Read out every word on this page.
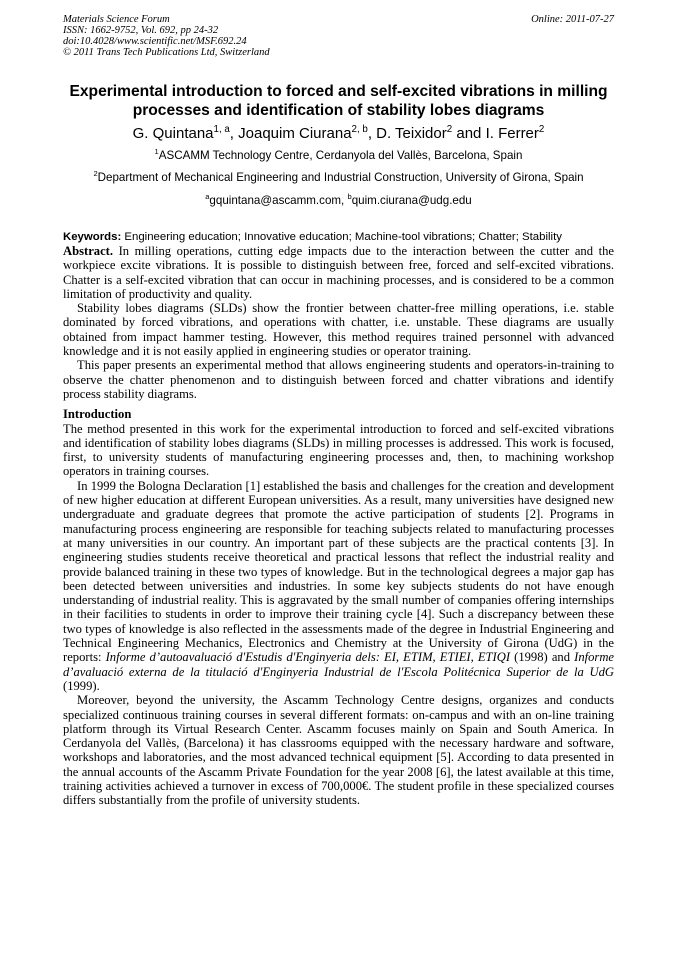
Materials Science Forum
ISSN: 1662-9752, Vol. 692, pp 24-32
doi:10.4028/www.scientific.net/MSF.692.24
© 2011 Trans Tech Publications Ltd, Switzerland
Online: 2011-07-27
Experimental introduction to forced and self-excited vibrations in milling processes and identification of stability lobes diagrams
G. Quintana$^{1, a}$, Joaquim Ciurana$^{2, b}$, D. Teixidor$^2$ and I. Ferrer$^2$
$^1$ASCAMM Technology Centre, Cerdanyola del Vallès, Barcelona, Spain
$^2$Department of Mechanical Engineering and Industrial Construction, University of Girona, Spain
$^a$gquintana@ascamm.com, $^b$quim.ciurana@udg.edu
Keywords: Engineering education; Innovative education; Machine-tool vibrations; Chatter; Stability

Abstract. In milling operations, cutting edge impacts due to the interaction between the cutter and the workpiece excite vibrations. It is possible to distinguish between free, forced and self-excited vibrations. Chatter is a self-excited vibration that can occur in machining processes, and is considered to be a common limitation of productivity and quality.

Stability lobes diagrams (SLDs) show the frontier between chatter-free milling operations, i.e. stable dominated by forced vibrations, and operations with chatter, i.e. unstable. These diagrams are usually obtained from impact hammer testing. However, this method requires trained personnel with advanced knowledge and it is not easily applied in engineering studies or operator training.

This paper presents an experimental method that allows engineering students and operators-in-training to observe the chatter phenomenon and to distinguish between forced and chatter vibrations and identify process stability diagrams.

Introduction

The method presented in this work for the experimental introduction to forced and self-excited vibrations and identification of stability lobes diagrams (SLDs) in milling processes is addressed. This work is focused, first, to university students of manufacturing engineering processes and, then, to machining workshop operators in training courses.

In 1999 the Bologna Declaration [1] established the basis and challenges for the creation and development of new higher education at different European universities. As a result, many universities have designed new undergraduate and graduate degrees that promote the active participation of students [2]. Programs in manufacturing process engineering are responsible for teaching subjects related to manufacturing processes at many universities in our country. An important part of these subjects are the practical contents [3]. In engineering studies students receive theoretical and practical lessons that reflect the industrial reality and provide balanced training in these two types of knowledge. But in the technological degrees a major gap has been detected between universities and industries. In some key subjects students do not have enough understanding of industrial reality. This is aggravated by the small number of companies offering internships in their facilities to students in order to improve their training cycle [4]. Such a discrepancy between these two types of knowledge is also reflected in the assessments made of the degree in Industrial Engineering and Technical Engineering Mechanics, Electronics and Chemistry at the University of Girona (UdG) in the reports: Informe d’autoavaluació d'Estudis d'Enginyeria dels: EI, ETIM, ETIEI, ETIQI (1998) and Informe d’avaluació externa de la titulació d'Enginyeria Industrial de l'Escola Politécnica Superior de la UdG (1999).

Moreover, beyond the university, the Ascamm Technology Centre designs, organizes and conducts specialized continuous training courses in several different formats: on-campus and with an on-line training platform through its Virtual Research Center. Ascamm focuses mainly on Spain and South America. In Cerdanyola del Vallès, (Barcelona) it has classrooms equipped with the necessary hardware and software, workshops and laboratories, and the most advanced technical equipment [5]. According to data presented in the annual accounts of the Ascamm Private Foundation for the year 2008 [6], the latest available at this time, training activities achieved a turnover in excess of 700,000€. The student profile in these specialized courses differs substantially from the profile of university students.
